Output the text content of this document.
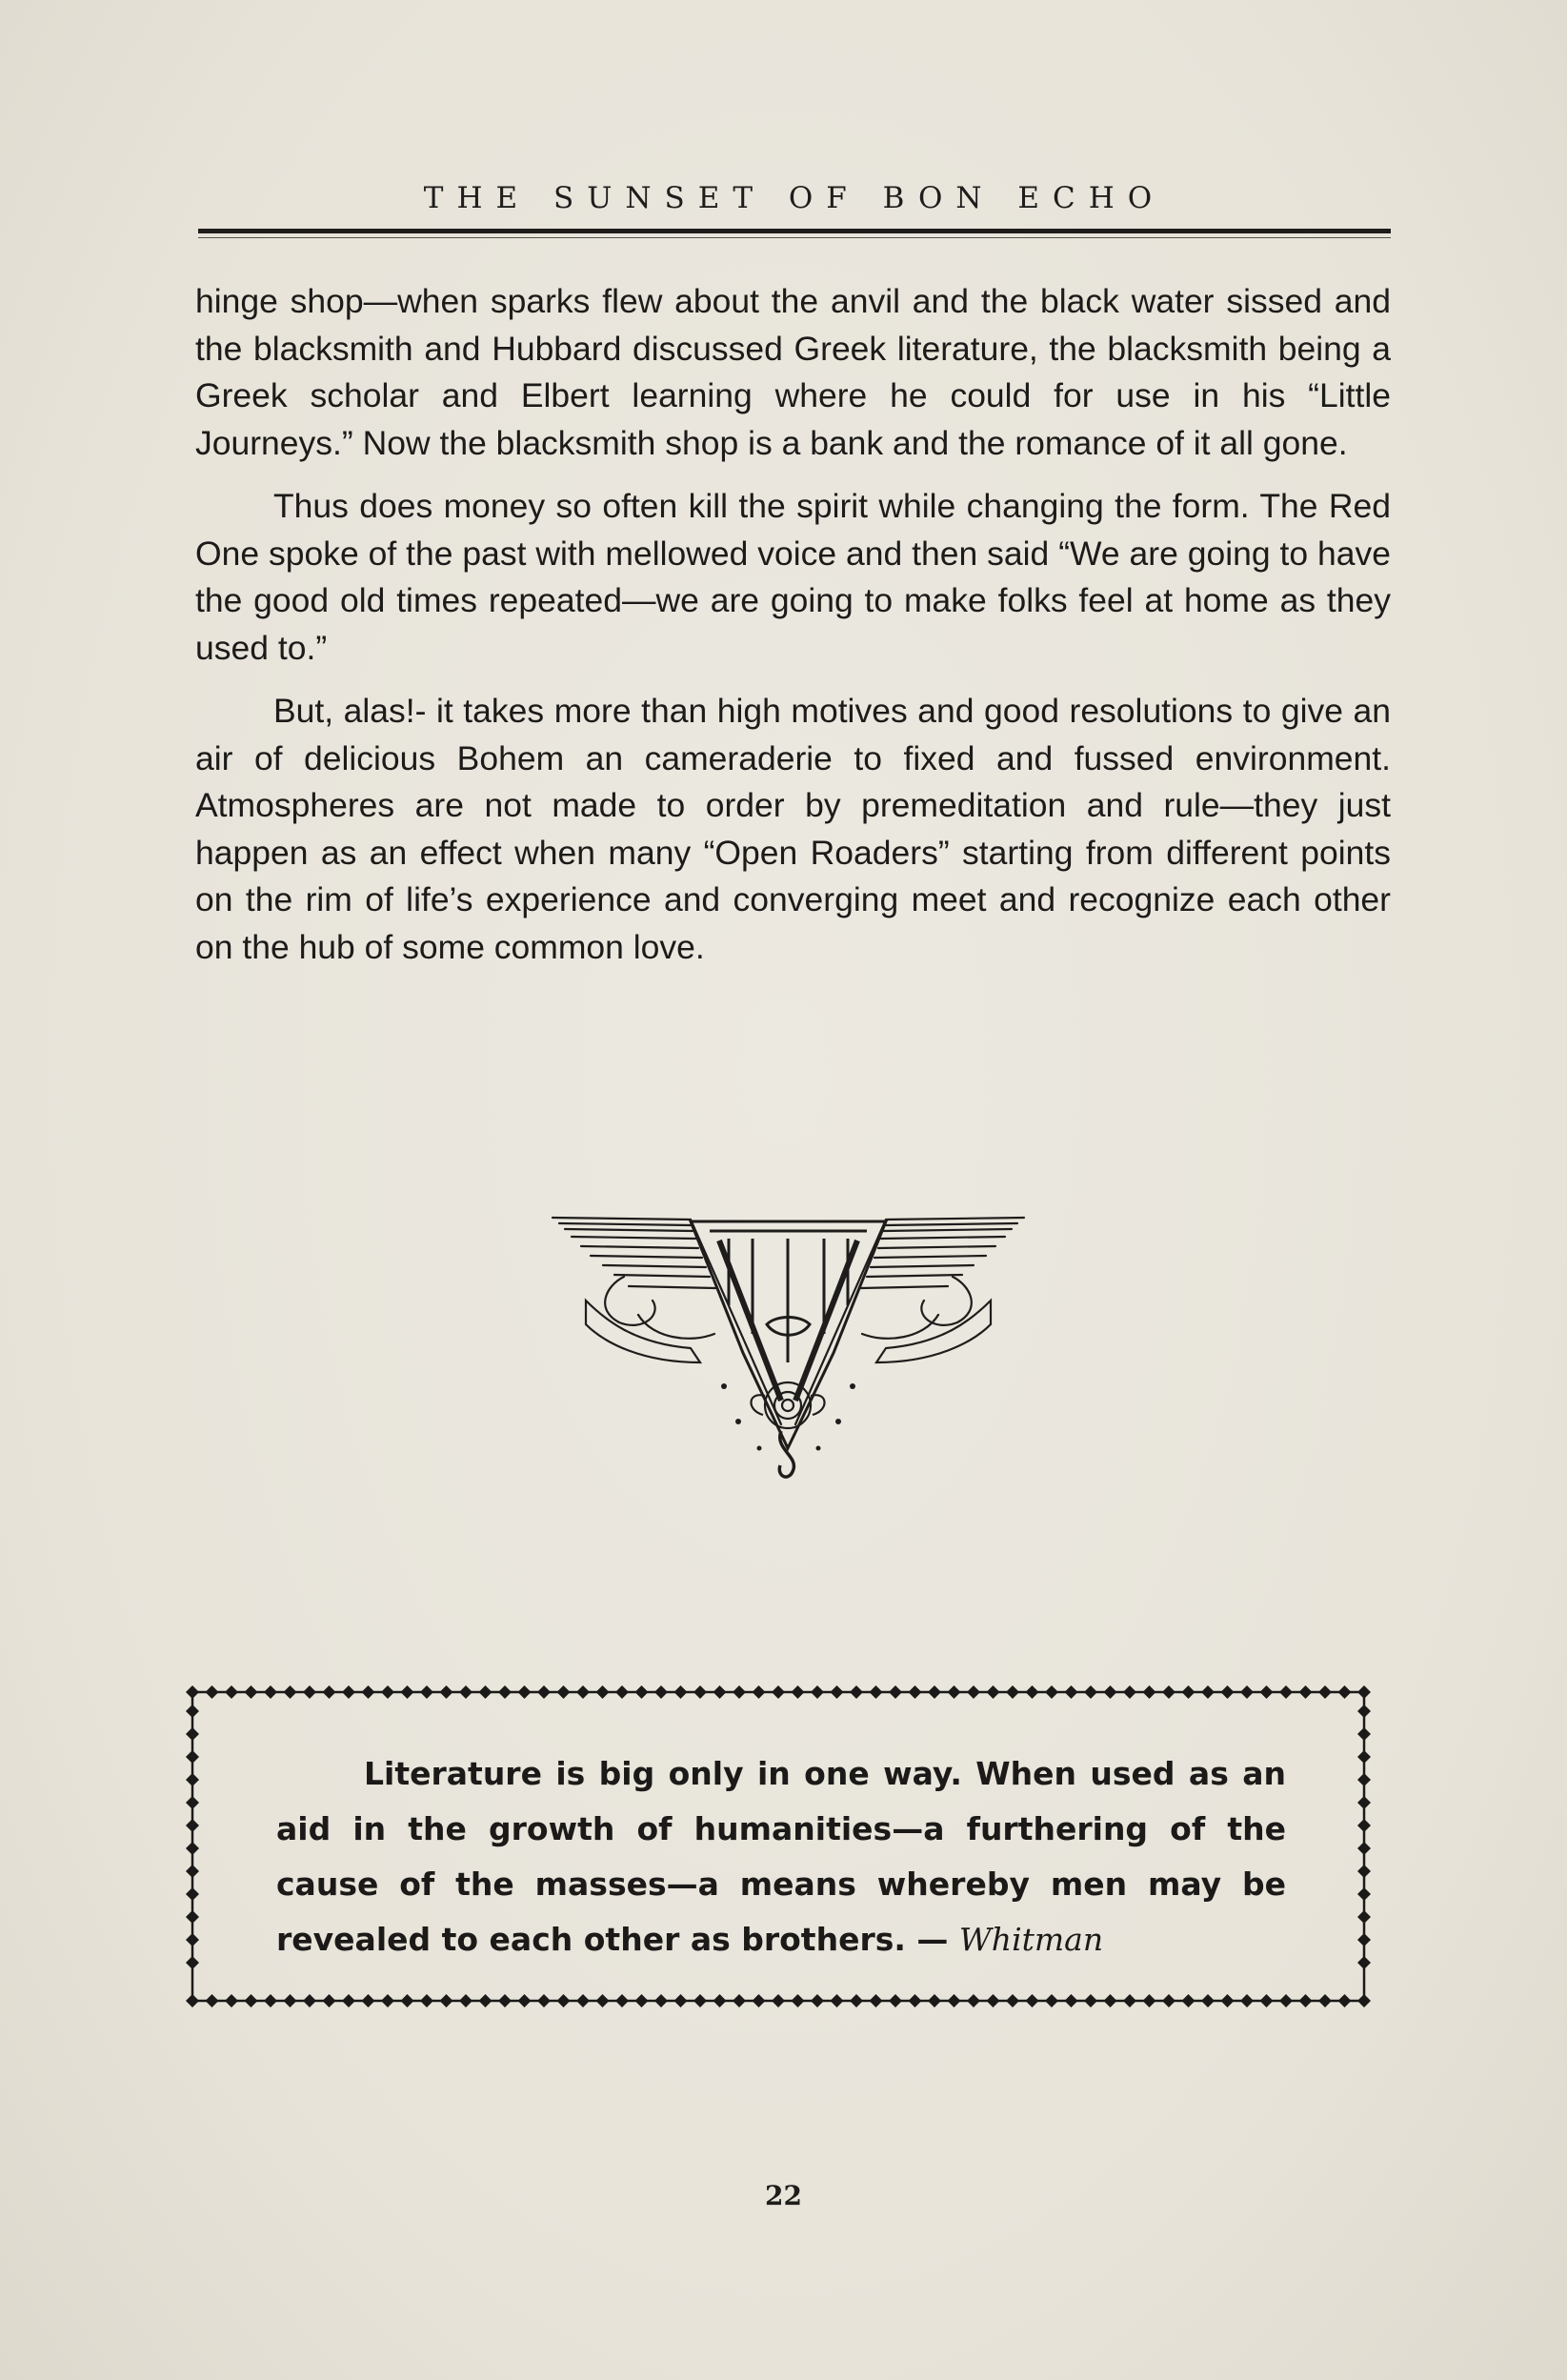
THE SUNSET OF BON ECHO

hinge shop—when sparks flew about the anvil and the black water sissed and the blacksmith and Hubbard discussed Greek literature, the blacksmith being a Greek scholar and Elbert learning where he could for use in his “Little Journeys.” Now the blacksmith shop is a bank and the romance of it all gone.

Thus does money so often kill the spirit while changing the form. The Red One spoke of the past with mellowed voice and then said “We are going to have the good old times repeated—we are going to make folks feel at home as they used to.”

But, alas!- it takes more than high motives and good resolutions to give an air of delicious Bohem an cameraderie to fixed and fussed environment. Atmospheres are not made to order by premeditation and rule—they just happen as an effect when many “Open Roaders” starting from different points on the rim of life’s experience and converging meet and recognize each other on the hub of some common love.

Literature is big only in one way. When used as an aid in the growth of humanities—a furthering of the cause of the masses—a means whereby men may be revealed to each other as brothers. — Whitman
22
